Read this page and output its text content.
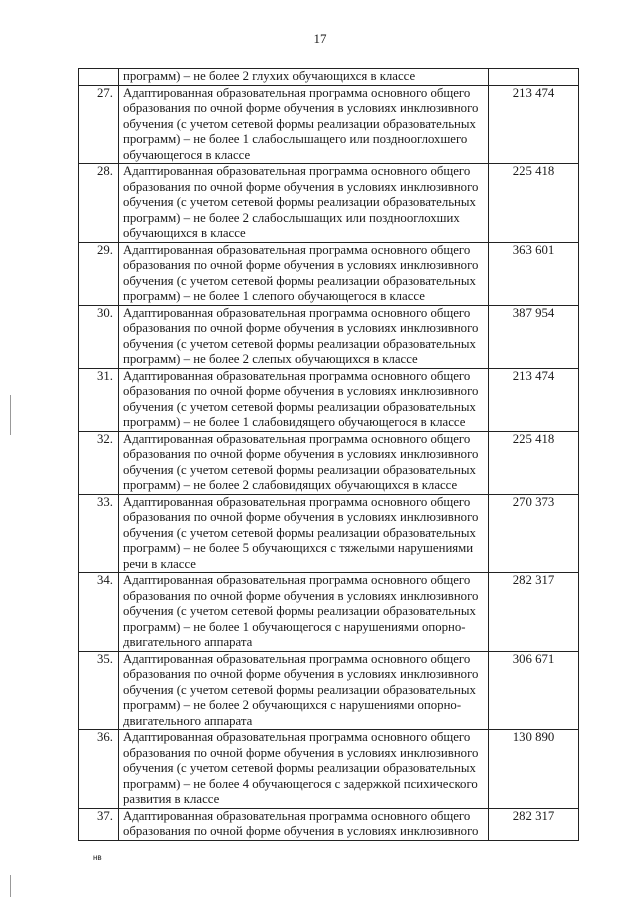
17
	программ) – не более 2 глухих обучающихся в классе	
27.	Адаптированная образовательная программа основного общего образования по очной форме обучения в условиях инклюзивного обучения (с учетом сетевой формы реализации образовательных программ) – не более 1 слабослышащего или позднооглохшего обучающегося в классе	213 474
28.	Адаптированная образовательная программа основного общего образования по очной форме обучения в условиях инклюзивного обучения (с учетом сетевой формы реализации образовательных программ) – не более 2 слабослышащих или позднооглохших обучающихся в классе	225 418
29.	Адаптированная образовательная программа основного общего образования по очной форме обучения в условиях инклюзивного обучения (с учетом сетевой формы реализации образовательных программ) – не более 1 слепого обучающегося в классе	363 601
30.	Адаптированная образовательная программа основного общего образования по очной форме обучения в условиях инклюзивного обучения (с учетом сетевой формы реализации образовательных программ) – не более 2 слепых обучающихся в классе	387 954
31.	Адаптированная образовательная программа основного общего образования по очной форме обучения в условиях инклюзивного обучения (с учетом сетевой формы реализации образовательных программ) – не более 1 слабовидящего обучающегося в классе	213 474
32.	Адаптированная образовательная программа основного общего образования по очной форме обучения в условиях инклюзивного обучения (с учетом сетевой формы реализации образовательных программ) – не более 2 слабовидящих обучающихся в классе	225 418
33.	Адаптированная образовательная программа основного общего образования по очной форме обучения в условиях инклюзивного обучения (с учетом сетевой формы реализации образовательных программ) – не более 5 обучающихся с тяжелыми нарушениями речи в классе	270 373
34.	Адаптированная образовательная программа основного общего образования по очной форме обучения в условиях инклюзивного обучения (с учетом сетевой формы реализации образовательных программ) – не более 1 обучающегося с нарушениями опорно-двигательного аппарата	282 317
35.	Адаптированная образовательная программа основного общего образования по очной форме обучения в условиях инклюзивного обучения (с учетом сетевой формы реализации образовательных программ) – не более 2 обучающихся с нарушениями опорно-двигательного аппарата	306 671
36.	Адаптированная образовательная программа основного общего образования по очной форме обучения в условиях инклюзивного обучения (с учетом сетевой формы реализации образовательных программ) – не более 4 обучающегося с задержкой психического развития в классе	130 890
37.	Адаптированная образовательная программа основного общего образования по очной форме обучения в условиях инклюзивного	282 317
нв
